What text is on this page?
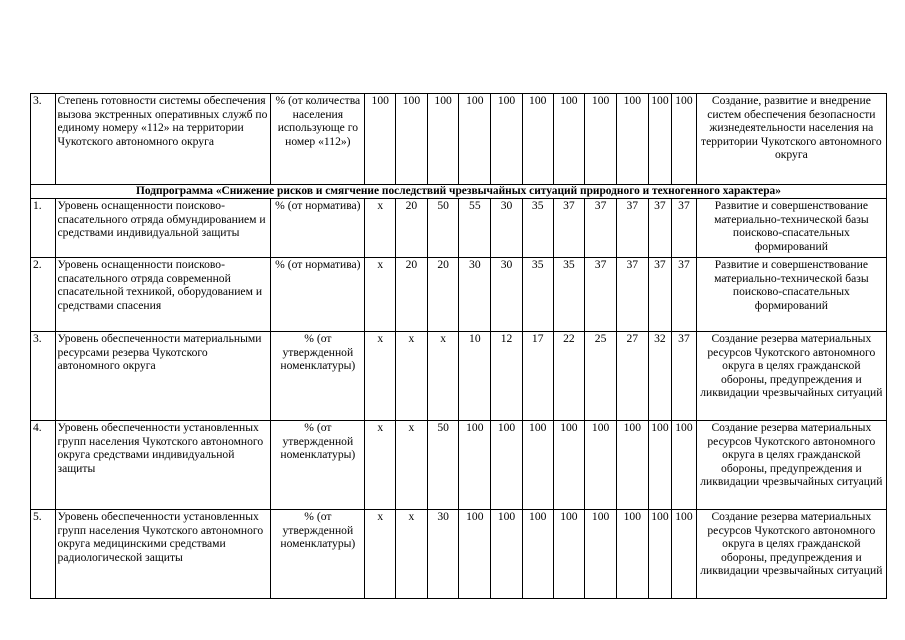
3.	Степень готовности системы обеспечения вызова экстренных оперативных служб по единому номеру «112» на территории Чукотского автономного округа	% (от количества населения использующе го номер «112»)	100	100	100	100	100	100	100	100	100	100	100	Создание, развитие и внедрение систем обеспечения безопасности жизнедеятельности населения на территории Чукотского автономного округа
Подпрограмма «Снижение рисков и смягчение последствий чрезвычайных ситуаций природного и техногенного характера»														
1.	Уровень оснащенности поисково-спасательного отряда обмундированием и средствами индивидуальной защиты	% (от норматива)	х	20	50	55	30	35	37	37	37	37	37	Развитие и совершенствование материально-технической базы поисково-спасательных формирований
2.	Уровень оснащенности поисково-спасательного отряда современной спасательной техникой, оборудованием и средствами спасения	% (от норматива)	х	20	20	30	30	35	35	37	37	37	37	Развитие и совершенствование материально-технической базы поисково-спасательных формирований
3.	Уровень обеспеченности материальными ресурсами резерва Чукотского автономного округа	% (от утвержденной номенклатуры)	х	х	х	10	12	17	22	25	27	32	37	Создание резерва материальных ресурсов Чукотского автономного округа в целях гражданской обороны, предупреждения и ликвидации чрезвычайных ситуаций
4.	Уровень обеспеченности установленных групп населения Чукотского автономного округа средствами индивидуальной защиты	% (от утвержденной номенклатуры)	х	х	50	100	100	100	100	100	100	100	100	Создание резерва материальных ресурсов Чукотского автономного округа в целях гражданской обороны, предупреждения и ликвидации чрезвычайных ситуаций
5.	Уровень обеспеченности установленных групп населения Чукотского автономного округа медицинскими средствами радиологической защиты	% (от утвержденной номенклатуры)	х	х	30	100	100	100	100	100	100	100	100	Создание резерва материальных ресурсов Чукотского автономного округа в целях гражданской обороны, предупреждения и ликвидации чрезвычайных ситуаций
